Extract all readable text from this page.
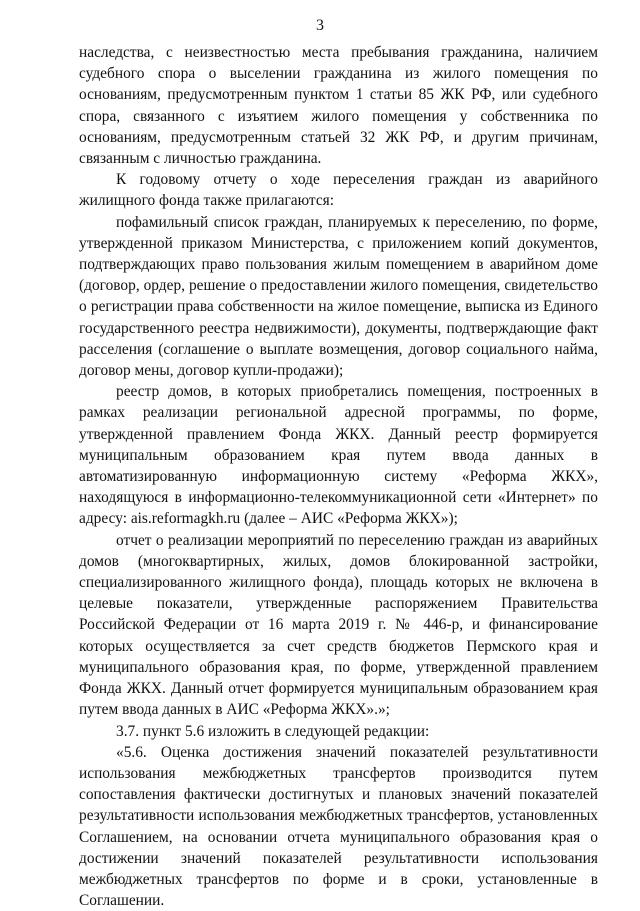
3

наследства, с неизвестностью места пребывания гражданина, наличием судебного спора о выселении гражданина из жилого помещения по основаниям, предусмотренным пунктом 1 статьи 85 ЖК РФ, или судебного спора, связанного с изъятием жилого помещения у собственника по основаниям, предусмотренным статьей 32 ЖК РФ, и другим причинам, связанным с личностью гражданина.

К годовому отчету о ходе переселения граждан из аварийного жилищного фонда также прилагаются:

пофамильный список граждан, планируемых к переселению, по форме, утвержденной приказом Министерства, с приложением копий документов, подтверждающих право пользования жилым помещением в аварийном доме (договор, ордер, решение о предоставлении жилого помещения, свидетельство о регистрации права собственности на жилое помещение, выписка из Единого государственного реестра недвижимости), документы, подтверждающие факт расселения (соглашение о выплате возмещения, договор социального найма, договор мены, договор купли-продажи);

реестр домов, в которых приобретались помещения, построенных в рамках реализации региональной адресной программы, по форме, утвержденной правлением Фонда ЖКХ. Данный реестр формируется муниципальным образованием края путем ввода данных в автоматизированную информационную систему «Реформа ЖКХ», находящуюся в информационно-телекоммуникационной сети «Интернет» по адресу: ais.reformagkh.ru (далее – АИС «Реформа ЖКХ»);

отчет о реализации мероприятий по переселению граждан из аварийных домов (многоквартирных, жилых, домов блокированной застройки, специализированного жилищного фонда), площадь которых не включена в целевые показатели, утвержденные распоряжением Правительства Российской Федерации от 16 марта 2019 г. № 446-р, и финансирование которых осуществляется за счет средств бюджетов Пермского края и муниципального образования края, по форме, утвержденной правлением Фонда ЖКХ. Данный отчет формируется муниципальным образованием края путем ввода данных в АИС «Реформа ЖКХ».»;

3.7. пункт 5.6 изложить в следующей редакции:

«5.6. Оценка достижения значений показателей результативности использования межбюджетных трансфертов производится путем сопоставления фактически достигнутых и плановых значений показателей результативности использования межбюджетных трансфертов, установленных Соглашением, на основании отчета муниципального образования края о достижении значений показателей результативности использования межбюджетных трансфертов по форме и в сроки, установленные в Соглашении.
